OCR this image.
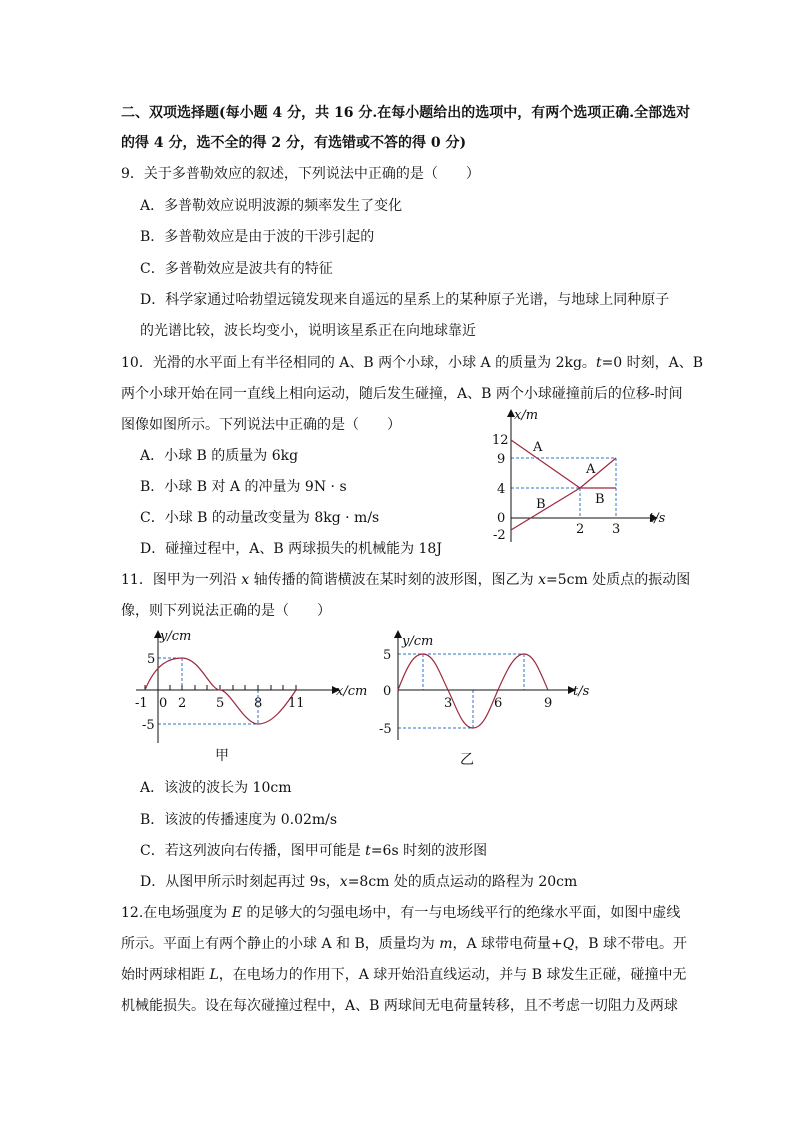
二、双项选择题(每小题 4 分，共 16 分.在每小题给出的选项中，有两个选项正确.全部选对
的得 4 分，选不全的得 2 分，有选错或不答的得 0 分)
9．关于多普勒效应的叙述，下列说法中正确的是（　　）
A．多普勒效应说明波源的频率发生了变化
B．多普勒效应是由于波的干涉引起的
C．多普勒效应是波共有的特征
D．科学家通过哈勃望远镜发现来自遥远的星系上的某种原子光谱，与地球上同种原子
的光谱比较，波长均变小，说明该星系正在向地球靠近
10．光滑的水平面上有半径相同的 A、B 两个小球，小球 A 的质量为 2kg。t=0 时刻，A、B
两个小球开始在同一直线上相向运动，随后发生碰撞，A、B 两个小球碰撞前后的位移-时间
图像如图所示。下列说法中正确的是（　　）
A．小球 B 的质量为 6kg
B．小球 B 对 A 的冲量为 9N · s
C．小球 B 的动量改变量为 8kg · m/s
D．碰撞过程中，A、B 两球损失的机械能为 18J
x/m
t/s
12
9
4
0
-2	2 3
A
A
B	B
11．图甲为一列沿 x 轴传播的简谐横波在某时刻的波形图，图乙为 x=5cm 处质点的振动图
像，则下列说法正确的是（　　）
y/cm
x/cm
5
-5
-1 0 2 5 8 11
甲
y/cm
t/s
5
0
-5
3	6	9
乙
A．该波的波长为 10cm
B．该波的传播速度为 0.02m/s
C．若这列波向右传播，图甲可能是 t=6s 时刻的波形图
D．从图甲所示时刻起再过 9s，x=8cm 处的质点运动的路程为 20cm
12.在电场强度为 E 的足够大的匀强电场中，有一与电场线平行的绝缘水平面，如图中虚线
所示。平面上有两个静止的小球 A 和 B，质量均为 m，A 球带电荷量+Q，B 球不带电。开
始时两球相距 L，在电场力的作用下，A 球开始沿直线运动，并与 B 球发生正碰，碰撞中无
机械能损失。设在每次碰撞过程中，A、B 两球间无电荷量转移，且不考虑一切阻力及两球
